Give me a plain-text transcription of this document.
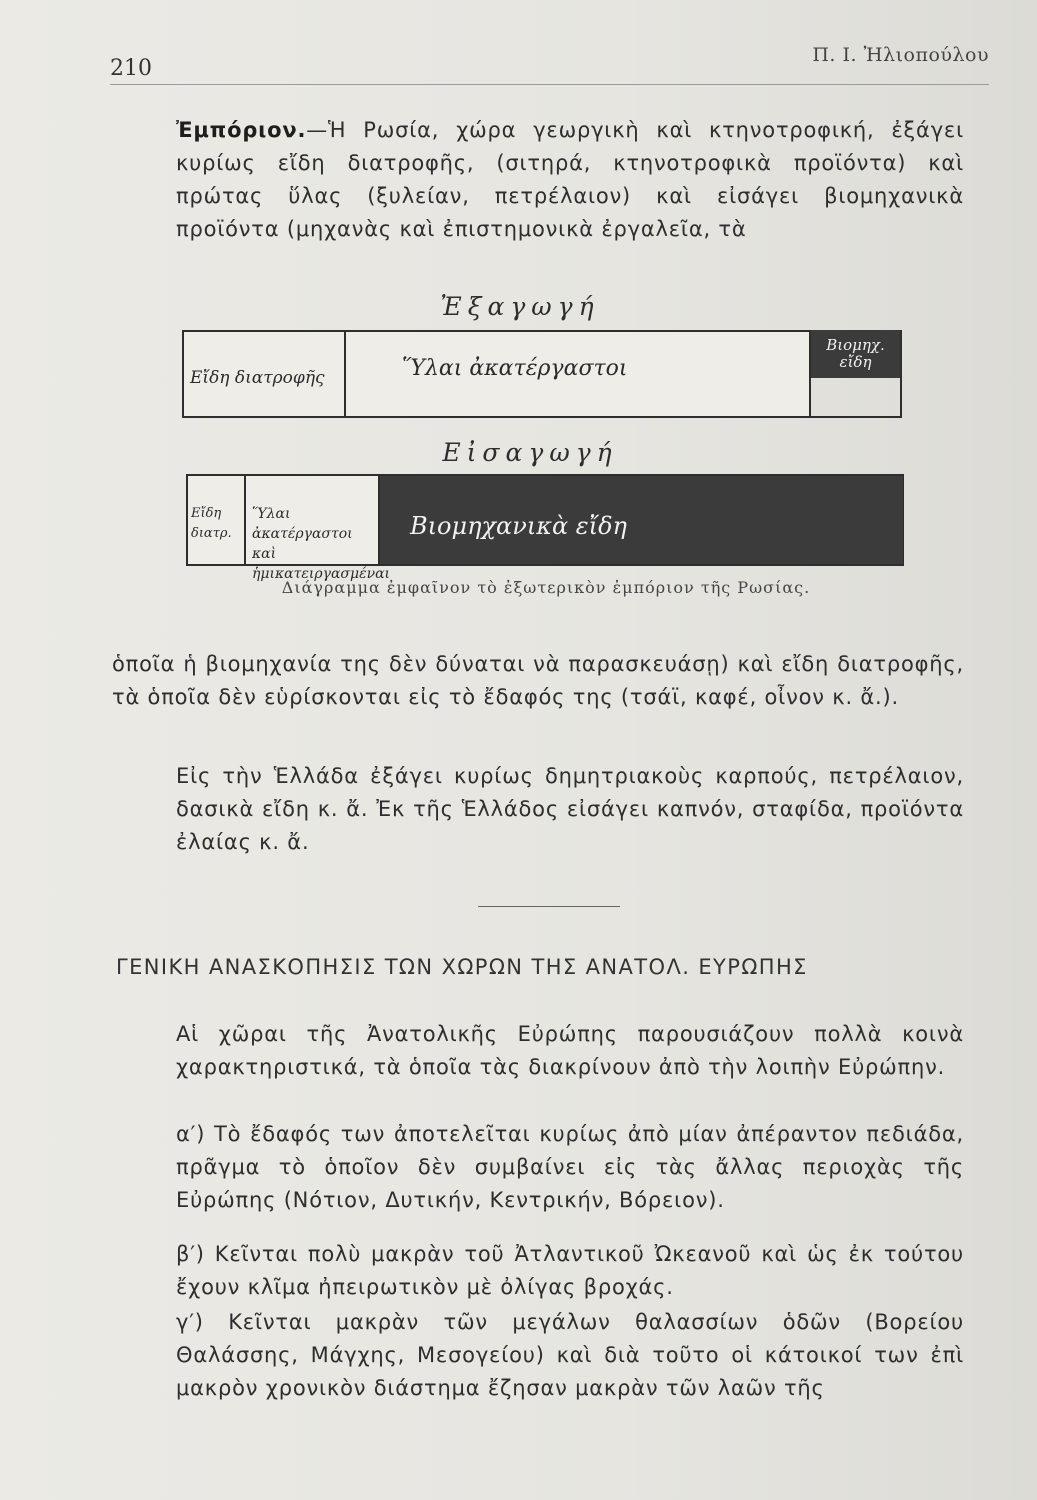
210
Π. Ι. Ἠλιοπούλου
Ἐμπόριον.—Ἡ Ρωσία, χώρα γεωργικὴ καὶ κτηνοτροφική, ἐξάγει κυρίως εἴδη διατροφῆς, (σιτηρά, κτηνοτροφικὰ προϊόντα) καὶ πρώτας ὕλας (ξυλείαν, πετρέλαιον) καὶ εἰσάγει βιομηχανικὰ προϊόντα (μηχανὰς καὶ ἐπιστημονικὰ ἐργαλεῖα, τὰ
Ἐξαγωγή
Εἴδη διατροφῆς	Ὕλαι ἀκατέργαστοι
Βιομηχ.
εἴδη
Εἰσαγωγή
Εἴδη
διατρ.
Ὕλαι ἀκατέργαστοι
καὶ ἡμικατειργασμέναι
Βιομηχανικὰ εἴδη
Διάγραμμα ἐμφαῖνον τὸ ἐξωτερικὸν ἐμπόριον τῆς Ρωσίας.
ὁποῖα ἡ βιομηχανία της δὲν δύναται νὰ παρασκευάσῃ) καὶ εἴδη διατροφῆς, τὰ ὁποῖα δὲν εὑρίσκονται εἰς τὸ ἔδαφός της (τσάϊ, καφέ, οἶνον κ. ἄ.).
Εἰς τὴν Ἑλλάδα ἐξάγει κυρίως δημητριακοὺς καρπούς, πετρέλαιον, δασικὰ εἴδη κ. ἄ. Ἐκ τῆς Ἑλλάδος εἰσάγει καπνόν, σταφίδα, προϊόντα ἐλαίας κ. ἄ.
ΓΕΝΙΚΗ ΑΝΑΣΚΟΠΗΣΙΣ ΤΩΝ ΧΩΡΩΝ ΤΗΣ ΑΝΑΤΟΛ. ΕΥΡΩΠΗΣ
Αἱ χῶραι τῆς Ἀνατολικῆς Εὐρώπης παρουσιάζουν πολλὰ κοινὰ χαρακτηριστικά, τὰ ὁποῖα τὰς διακρίνουν ἀπὸ τὴν λοιπὴν Εὐρώπην.
α′) Τὸ ἔδαφός των ἀποτελεῖται κυρίως ἀπὸ μίαν ἀπέραντον πεδιάδα, πρᾶγμα τὸ ὁποῖον δὲν συμβαίνει εἰς τὰς ἄλλας περιοχὰς τῆς Εὐρώπης (Νότιον, Δυτικήν, Κεντρικήν, Βόρειον).
β′) Κεῖνται πολὺ μακρὰν τοῦ Ἀτλαντικοῦ Ὠκεανοῦ καὶ ὡς ἐκ τούτου ἔχουν κλῖμα ἠπειρωτικὸν μὲ ὀλίγας βροχάς.
γ′) Κεῖνται μακρὰν τῶν μεγάλων θαλασσίων ὁδῶν (Βορείου Θαλάσσης, Μάγχης, Μεσογείου) καὶ διὰ τοῦτο οἱ κάτοικοί των ἐπὶ μακρὸν χρονικὸν διάστημα ἔζησαν μακρὰν τῶν λαῶν τῆς
